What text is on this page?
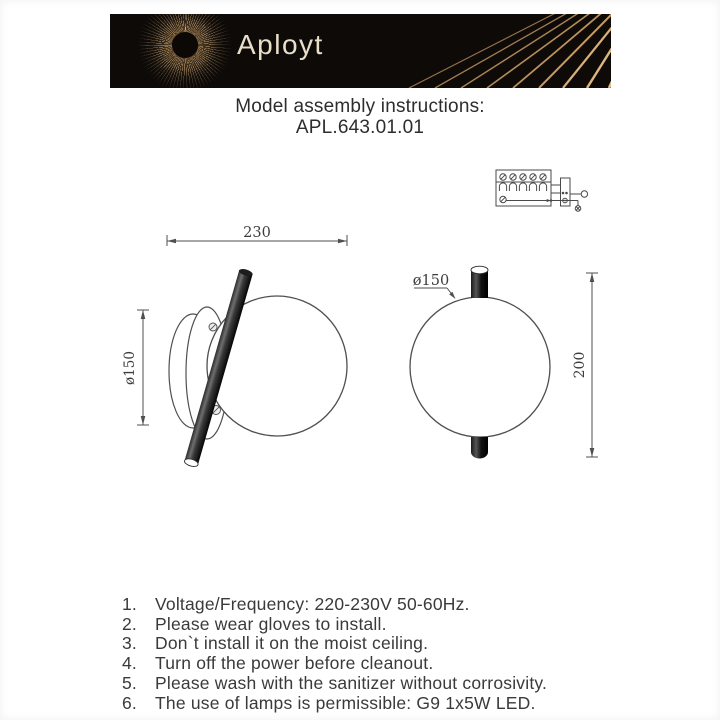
Aployt
Model assembly instructions:
APL.643.01.01
230
ø150
ø150
200
1.	Voltage/Frequency: 220-230V 50-60Hz.
2.	Please wear gloves to install.
3.	Don`t install it on the moist ceiling.
4.	Turn off the power before cleanout.
5.	Please wash with the sanitizer without corrosivity.
6.	The use of lamps is permissible: G9 1x5W LED.
